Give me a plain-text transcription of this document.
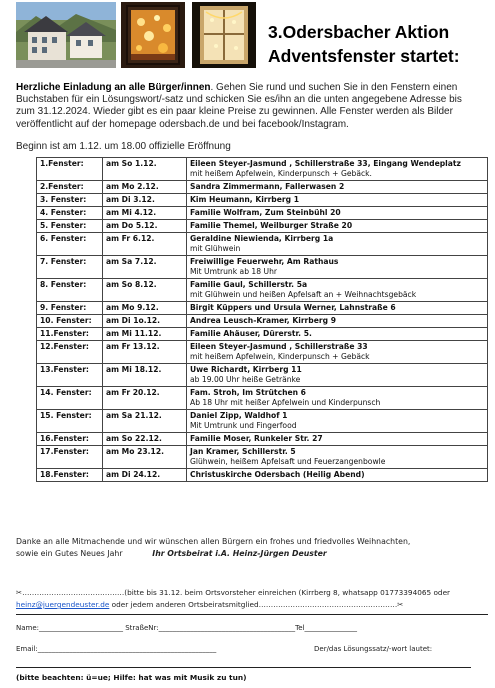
3.Odersbacher Aktion
Adventsfenster startet:
Herzliche Einladung an alle Bürger/innen. Gehen Sie rund und suchen Sie in den Fenstern einen Buchstaben für ein Lösungswort/-satz und schicken Sie es/ihn an die unten angegebene Adresse bis zum 31.12.2024. Wieder gibt es ein paar kleine Preise zu gewinnen. Alle Fenster werden als Bilder veröffentlicht auf der homepage odersbach.de und bei facebook/Instagram.
Beginn ist am 1.12. um 18.00 offizielle Eröffnung
1.Fenster:	am So 1.12.	Eileen Steyer-Jasmund , Schillerstraße 33, Eingang Wendeplatz
mit heißem Apfelwein, Kinderpunsch + Gebäck.

2.Fenster:	am Mo 2.12.	Sandra Zimmermann, Fallerwasen 2

3. Fenster:	am Di 3.12.	Kim Heumann, Kirrberg 1

4. Fenster:	am Mi 4.12.	Familie Wolfram, Zum Steinbühl 20

5. Fenster:	am Do 5.12.	Familie Themel, Weilburger Straße 20

6. Fenster:	am Fr 6.12.	Geraldine Niewienda, Kirrberg 1a
mit Glühwein

7. Fenster:	am Sa 7.12.	Freiwillige Feuerwehr, Am Rathaus
Mit Umtrunk ab 18 Uhr

8. Fenster:	am So 8.12.	Familie Gaul, Schillerstr. 5a
mit Glühwein und heißen Apfelsaft an + Weihnachtsgebäck

9. Fenster:	am Mo 9.12.	Birgit Küppers und Ursula Werner, Lahnstraße 6

10. Fenster:	am Di 1o.12.	Andrea Leusch-Kramer, Kirrberg 9

11.Fenster:	am Mi 11.12.	Familie Ahäuser, Dürerstr. 5.

12.Fenster:	am Fr 13.12.	Eileen Steyer-Jasmund , Schillerstraße 33
mit heißem Apfelwein, Kinderpunsch + Gebäck

13.Fenster:	am Mi 18.12.	Uwe Richardt, Kirrberg 11
ab 19.00 Uhr heiße Getränke

14. Fenster:	am Fr 20.12.	Fam. Stroh, Im Strütchen 6
Ab 18 Uhr mit heißer Apfelwein und Kinderpunsch

15. Fenster:	am Sa 21.12.	Daniel Zipp, Waldhof 1
Mit Umtrunk und Fingerfood

16.Fenster:	am So 22.12.	Familie Moser, Runkeler Str. 27

17.Fenster:	am Mo 23.12.	Jan Kramer, Schillerstr. 5
Glühwein, heißem Apfelsaft und Feuerzangenbowle

18.Fenster:	am Di 24.12.	Christuskirche Odersbach (Heilig Abend)
Danke an alle Mitmachende und wir wünschen allen Bürgern ein frohes und friedvolles Weihnachten,
sowie ein Gutes Neues Jahr	Ihr Ortsbeirat i.A. Heinz-Jürgen Deuster
✂……………………………………(bitte bis 31.12. beim Ortsvorsteher einreichen (Kirrberg 8, whatsapp 01773394065 oder
heinz@juergendeuster.de oder jedem anderen Ortsbeiratsmitglied…………………………………………………✂
Name:________________________ StraßeNr:_______________________________________Tel_______________
Email:___________________________________________________	Der/das Lösungssatz/-wort lautet:
(bitte beachten: ü=ue; Hilfe: hat was mit Musik zu tun)
